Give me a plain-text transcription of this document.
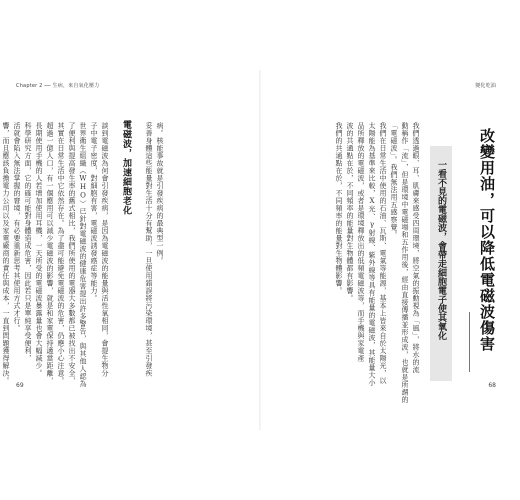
Chapter 2 ── 生病，來自氧化壓力
病。核能事故就是引發疾病的最典型一例。
妥善身體這些能量對生活十分有幫助，一旦使用錯誤將污染環境，甚至引發疾
電磁波，加速細胞老化
談到電磁波為何會引發疾病，是因為電磁波的能量與活性氧相同，會提生物分
子中電子密度，對細胞有害，電磁波誘發癌症等能力。
世界衛生組織（WHO）已針對電磁波的健康危害提出許多警告，與其他人認為
了便利與提高發生率的舊式相比，我們所使用的電器大多數都已被找出不安全，
其實在日常生活中它依然存在。為了盡可能避免電磁波的危害，仍應小心注意。
超過一億人口，有一個應用可以減少電磁波的影響，就是和家電保持適當距離，
長期使用手機的人若增加使用耳機，一天所受的電磁波暴露量也會大幅減少。
科學研究方面，它的確可能對身體造成危害，因此若只是單純享受便利，
活就會陷入無法掌握的窘境，有必要重新思考其使用方式才行。
響，而且應該負擔電力公司以及家電廠商的責任與成本，一直到問題獲得解決。
69
變化吃油
改變用油，可以降低電磁波傷害
一看不見的電磁波，會帶走細胞電子使其氧化
我們透過眼、耳、肌膚來感受四周環境，將空氣的振動視為「風」，將水的流
動稱作「流」，但是環境中電磁場和五作用後，經由直接傳播並形成波，也就是所謂的
「電磁波」。我們無法用五感察覺。
我們在日常生活中使用的石油、瓦斯、電氣等能源，基本上皆來自於太陽光，以
太陽能為基準來比較，X光、γ射線、紫外線等具有能量的電磁波，其能量大小
品所釋放的電磁波，或者是環境釋放出的低頻電磁波等，而手機與家電產
波的共通點在於，不同頻率的能量對生物體都有影響。
我們的共通點在於，不同頻率的能量對生物體影響。
68
